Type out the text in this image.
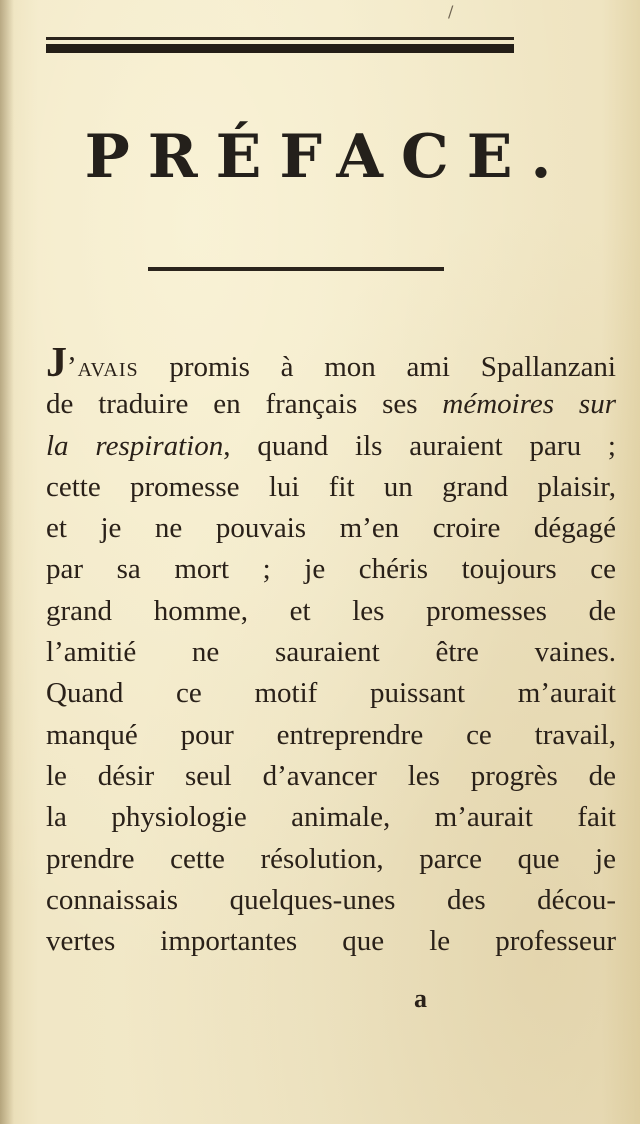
/
PRÉFACE.
J’avais promis à mon ami Spallanzani
de traduire en français ses mémoires sur
la respiration, quand ils auraient paru ;
cette promesse lui fit un grand plaisir,
et je ne pouvais m’en croire dégagé
par sa mort ; je chéris toujours ce
grand homme, et les promesses de
l’amitié ne sauraient être vaines.
Quand ce motif puissant m’aurait
manqué pour entreprendre ce travail,
le désir seul d’avancer les progrès de
la physiologie animale, m’aurait fait
prendre cette résolution, parce que je
connaissais quelques-unes des décou-
vertes importantes que le professeur
a
